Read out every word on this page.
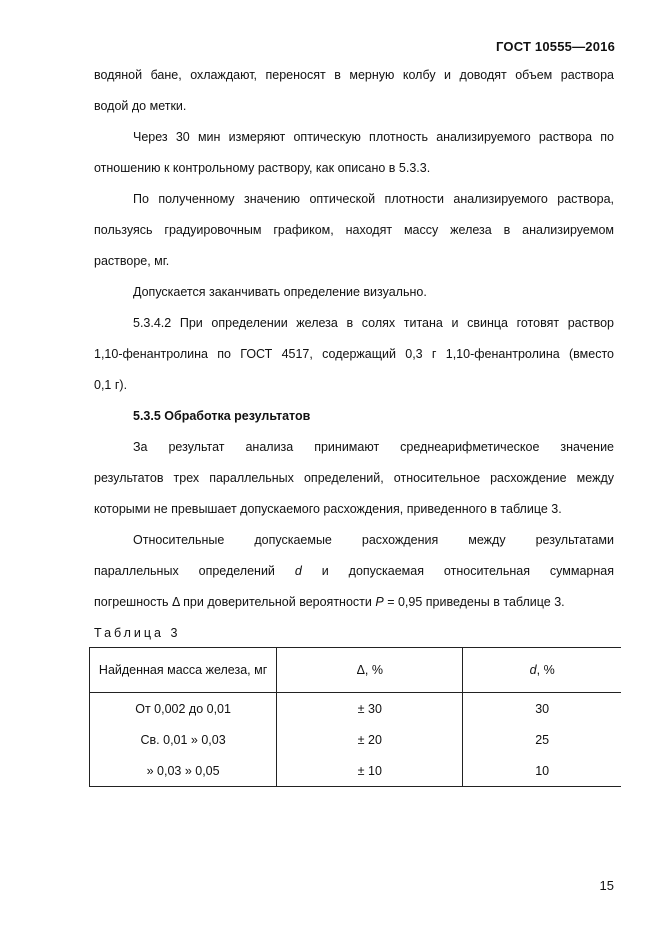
ГОСТ 10555—2016

водяной бане, охлаждают, переносят в мерную колбу и доводят объем раствора

водой до метки.

Через 30 мин измеряют оптическую плотность анализируемого раствора по

отношению к контрольному раствору, как описано в 5.3.3.

По полученному значению оптической плотности анализируемого раствора,

пользуясь градуировочным графиком, находят массу железа в анализируемом

растворе, мг.

Допускается заканчивать определение визуально.

5.3.4.2 При определении железа в солях титана и свинца готовят раствор

1,10-фенантролина по ГОСТ 4517, содержащий 0,3 г 1,10-фенантролина (вместо

0,1 г).

5.3.5 Обработка результатов

За результат анализа принимают среднеарифметическое значение

результатов трех параллельных определений, относительное расхождение между

которыми не превышает допускаемого расхождения, приведенного в таблице 3.

Относительные допускаемые расхождения между результатами

параллельных определений d и допускаемая относительная суммарная

погрешность Δ при доверительной вероятности P = 0,95 приведены в таблице 3.

Таблица 3

Найденная масса железа, мг	Δ, %	d, %
От 0,002 до 0,01	± 30	30
Св. 0,01 » 0,03	± 20	25
» 0,03 » 0,05	± 10	10
15
